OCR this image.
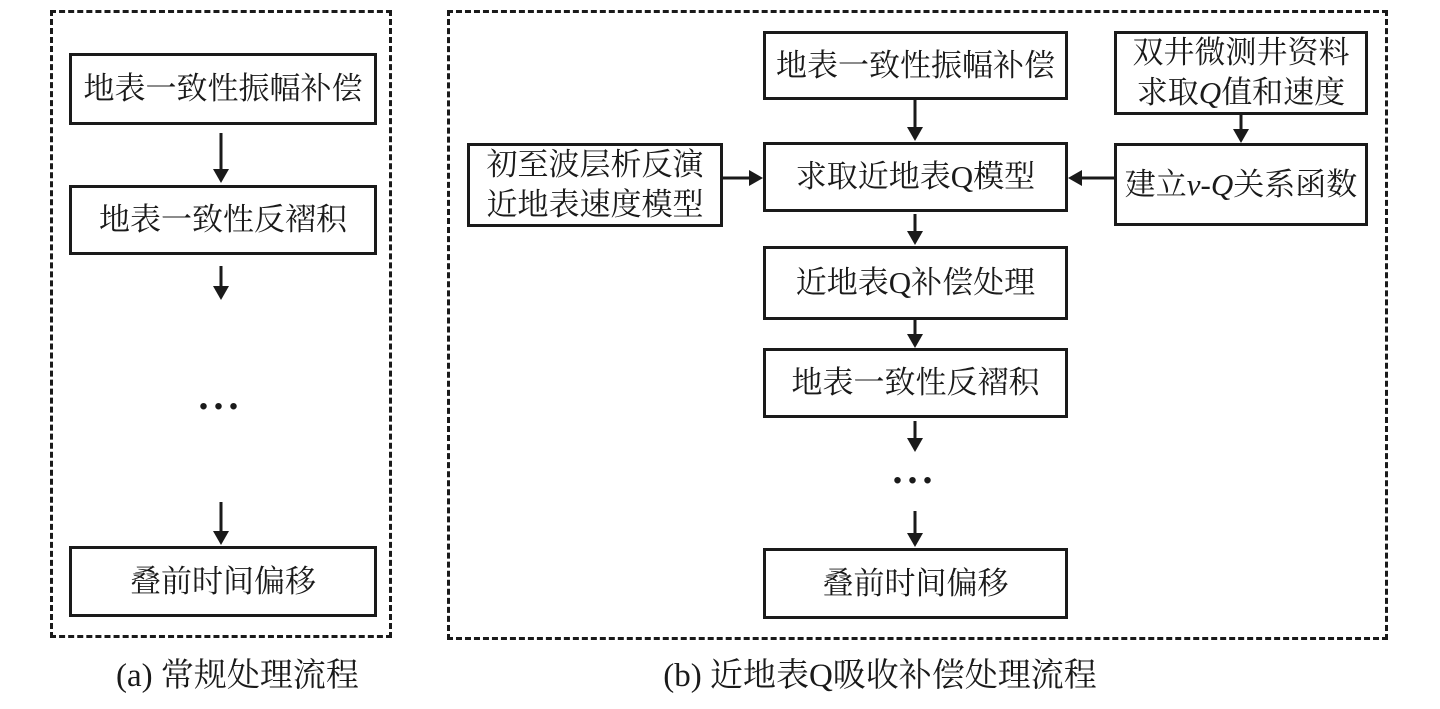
地表一致性振幅补偿
地表一致性反褶积
...
叠前时间偏移
(a) 常规处理流程
地表一致性振幅补偿	双井微测井资料
求取Q值和速度
初至波层析反演
近地表速度模型
求取近地表Q模型	建立v-Q关系函数
近地表Q补偿处理
地表一致性反褶积
...
叠前时间偏移
(b) 近地表Q吸收补偿处理流程
